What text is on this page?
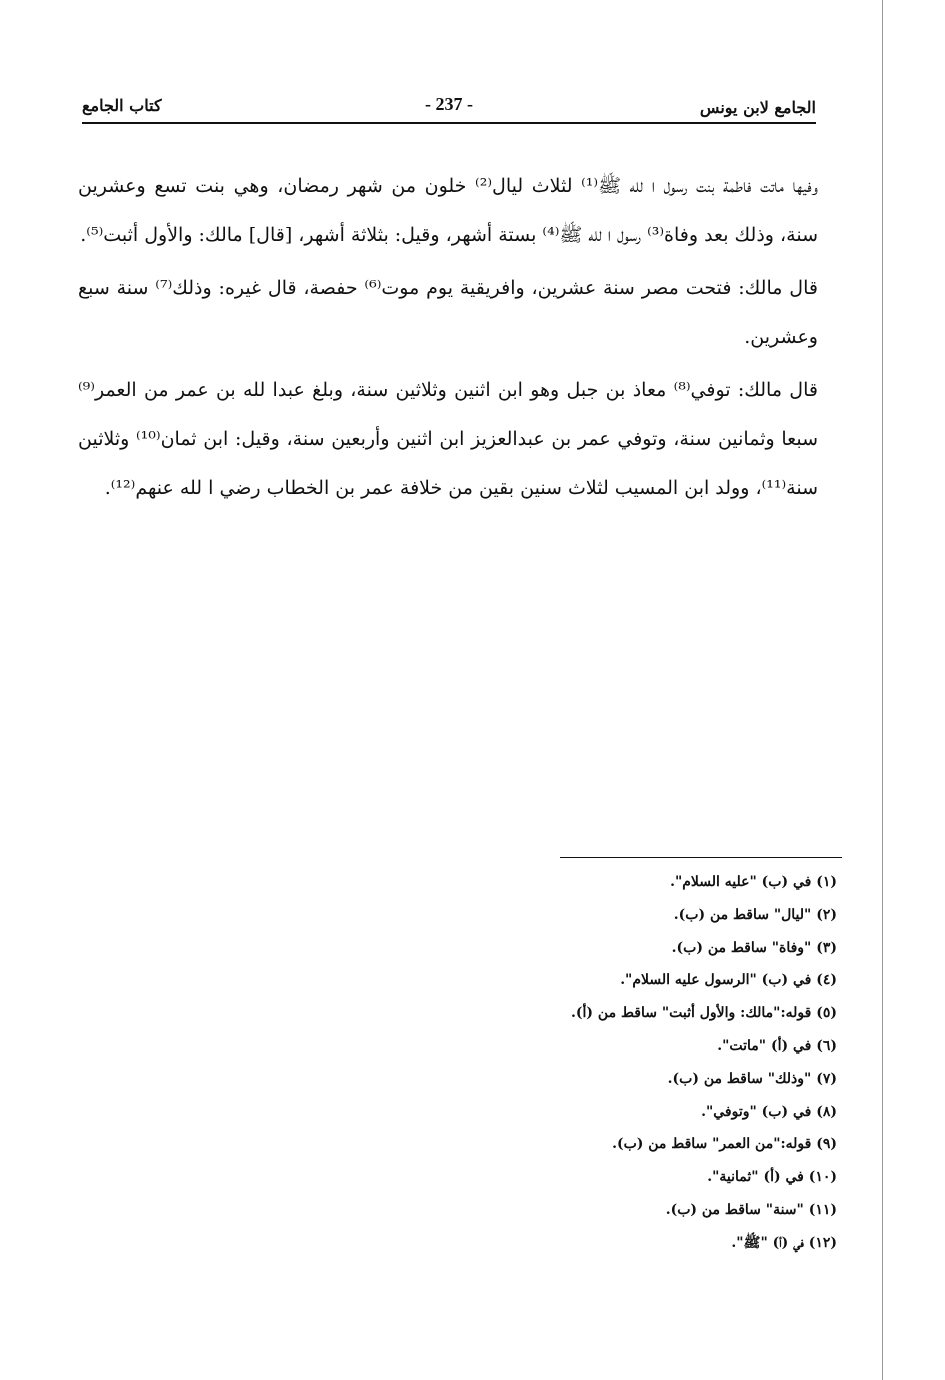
كتاب الجامع	- 237 -	الجامع لابن يونس

وفيها ماتت فاطمة بنت رسول ا لله ﷺ⁽¹⁾ لثلاث ليال⁽²⁾ خلون من شهر رمضان، وهي بنت تسع وعشرين سنة، وذلك بعد وفاة⁽³⁾ رسول ا لله ﷺ⁽⁴⁾ بستة أشهر، وقيل: بثلاثة أشهر، [قال] مالك: والأول أثبت⁽⁵⁾.

قال مالك: فتحت مصر سنة عشرين، وافريقية يوم موت⁽⁶⁾ حفصة، قال غيره: وذلك⁽⁷⁾ سنة سبع وعشرين.

قال مالك: توفي⁽⁸⁾ معاذ بن جبل وهو ابن اثنين وثلاثين سنة، وبلغ عبدا لله بن عمر من العمر⁽⁹⁾ سبعا وثمانين سنة، وتوفي عمر بن عبدالعزيز ابن اثنين وأربعين سنة، وقيل: ابن ثمان⁽¹⁰⁾ وثلاثين سنة⁽¹¹⁾، وولد ابن المسيب لثلاث سنين بقين من خلافة عمر بن الخطاب رضي ا لله عنهم⁽¹²⁾.

(١) في (ب) "عليه السلام".
(٢) "ليال" ساقط من (ب).
(٣) "وفاة" ساقط من (ب).
(٤) في (ب) "الرسول عليه السلام".
(٥) قوله:"مالك: والأول أثبت" ساقط من (أ).
(٦) في (أ) "ماتت".
(٧) "وذلك" ساقط من (ب).
(٨) في (ب) "وتوفي".
(٩) قوله:"من العمر" ساقط من (ب).
(١٠) في (أ) "ثمانية".
(١١) "سنة" ساقط من (ب).
(١٢) في (أ) "ﷺ".
